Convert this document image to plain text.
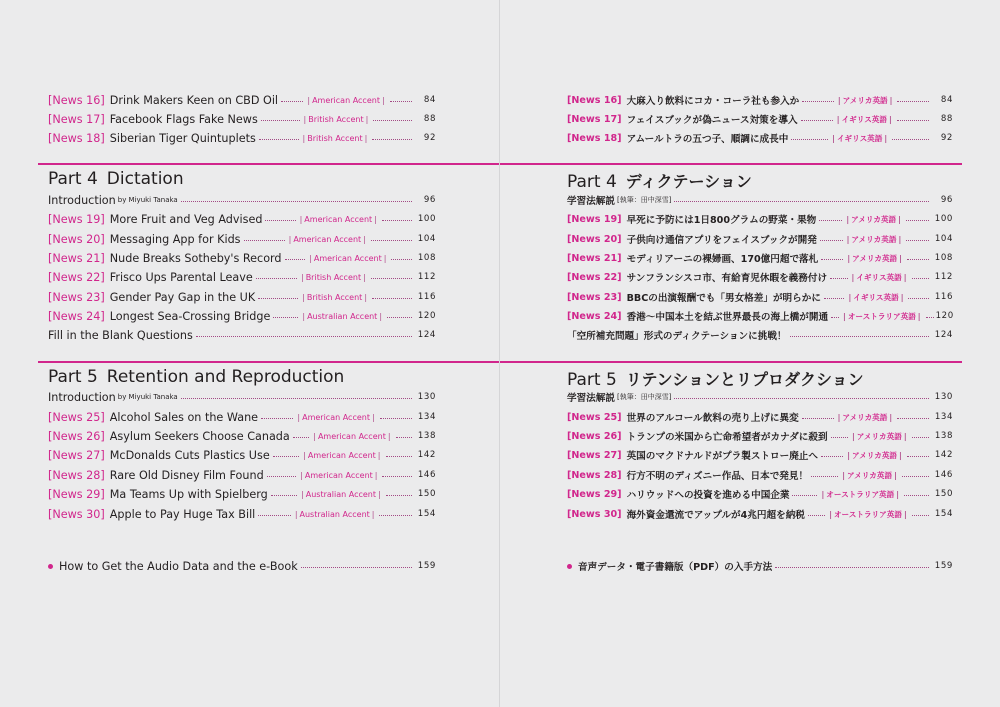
[News 16] Drink Makers Keen on CBD Oil	| American Accent |	84
[News 17] Facebook Flags Fake News	| British Accent |	88
[News 18] Siberian Tiger Quintuplets	| British Accent |	92
Part 4 Dictation
Introduction by Miyuki Tanaka	96
[News 19] More Fruit and Veg Advised	| American Accent |	100
[News 20] Messaging App for Kids	| American Accent |	104
[News 21] Nude Breaks Sotheby's Record	| American Accent |	108
[News 22] Frisco Ups Parental Leave	| British Accent |	112
[News 23] Gender Pay Gap in the UK	| British Accent |	116
[News 24] Longest Sea-Crossing Bridge	| Australian Accent |	120
Fill in the Blank Questions	124
Part 5 Retention and Reproduction
Introduction by Miyuki Tanaka	130
[News 25] Alcohol Sales on the Wane	| American Accent |	134
[News 26] Asylum Seekers Choose Canada	| American Accent |	138
[News 27] McDonalds Cuts Plastics Use	| American Accent |	142
[News 28] Rare Old Disney Film Found	| American Accent |	146
[News 29] Ma Teams Up with Spielberg	| Australian Accent |	150
[News 30] Apple to Pay Huge Tax Bill	| Australian Accent |	154
How to Get the Audio Data and the e-Book	159
[News 16] 大麻入り飲料にコカ・コーラ社も参入か	| アメリカ英語 |	84
[News 17] フェイスブックが偽ニュース対策を導入	| イギリス英語 |	88
[News 18] アムールトラの五つ子、順調に成長中	| イギリス英語 |	92
Part 4 ディクテーション
学習法解説 [執筆：田中深雪]	96
[News 19] 早死に予防には1日800グラムの野菜・果物	| アメリカ英語 |	100
[News 20] 子供向け通信アプリをフェイスブックが開発	| アメリカ英語 |	104
[News 21] モディリアーニの裸婦画、170億円超で落札	| アメリカ英語 |	108
[News 22] サンフランシスコ市、有給育児休暇を義務付け	| イギリス英語 |	112
[News 23] BBCの出演報酬でも「男女格差」が明らかに	| イギリス英語 |	116
[News 24] 香港～中国本土を結ぶ世界最長の海上橋が開通	| オーストラリア英語 |	120
「空所補充問題」形式のディクテーションに挑戦！	124
Part 5 リテンションとリプロダクション
学習法解説 [執筆：田中深雪]	130
[News 25] 世界のアルコール飲料の売り上げに異変	| アメリカ英語 |	134
[News 26] トランプの米国から亡命希望者がカナダに殺到	| アメリカ英語 |	138
[News 27] 英国のマクドナルドがプラ製ストロー廃止へ	| アメリカ英語 |	142
[News 28] 行方不明のディズニー作品、日本で発見！	| アメリカ英語 |	146
[News 29] ハリウッドへの投資を進める中国企業	| オーストラリア英語 |	150
[News 30] 海外資金還流でアップルが4兆円超を納税	| オーストラリア英語 |	154
音声データ・電子書籍版（PDF）の入手方法	159
